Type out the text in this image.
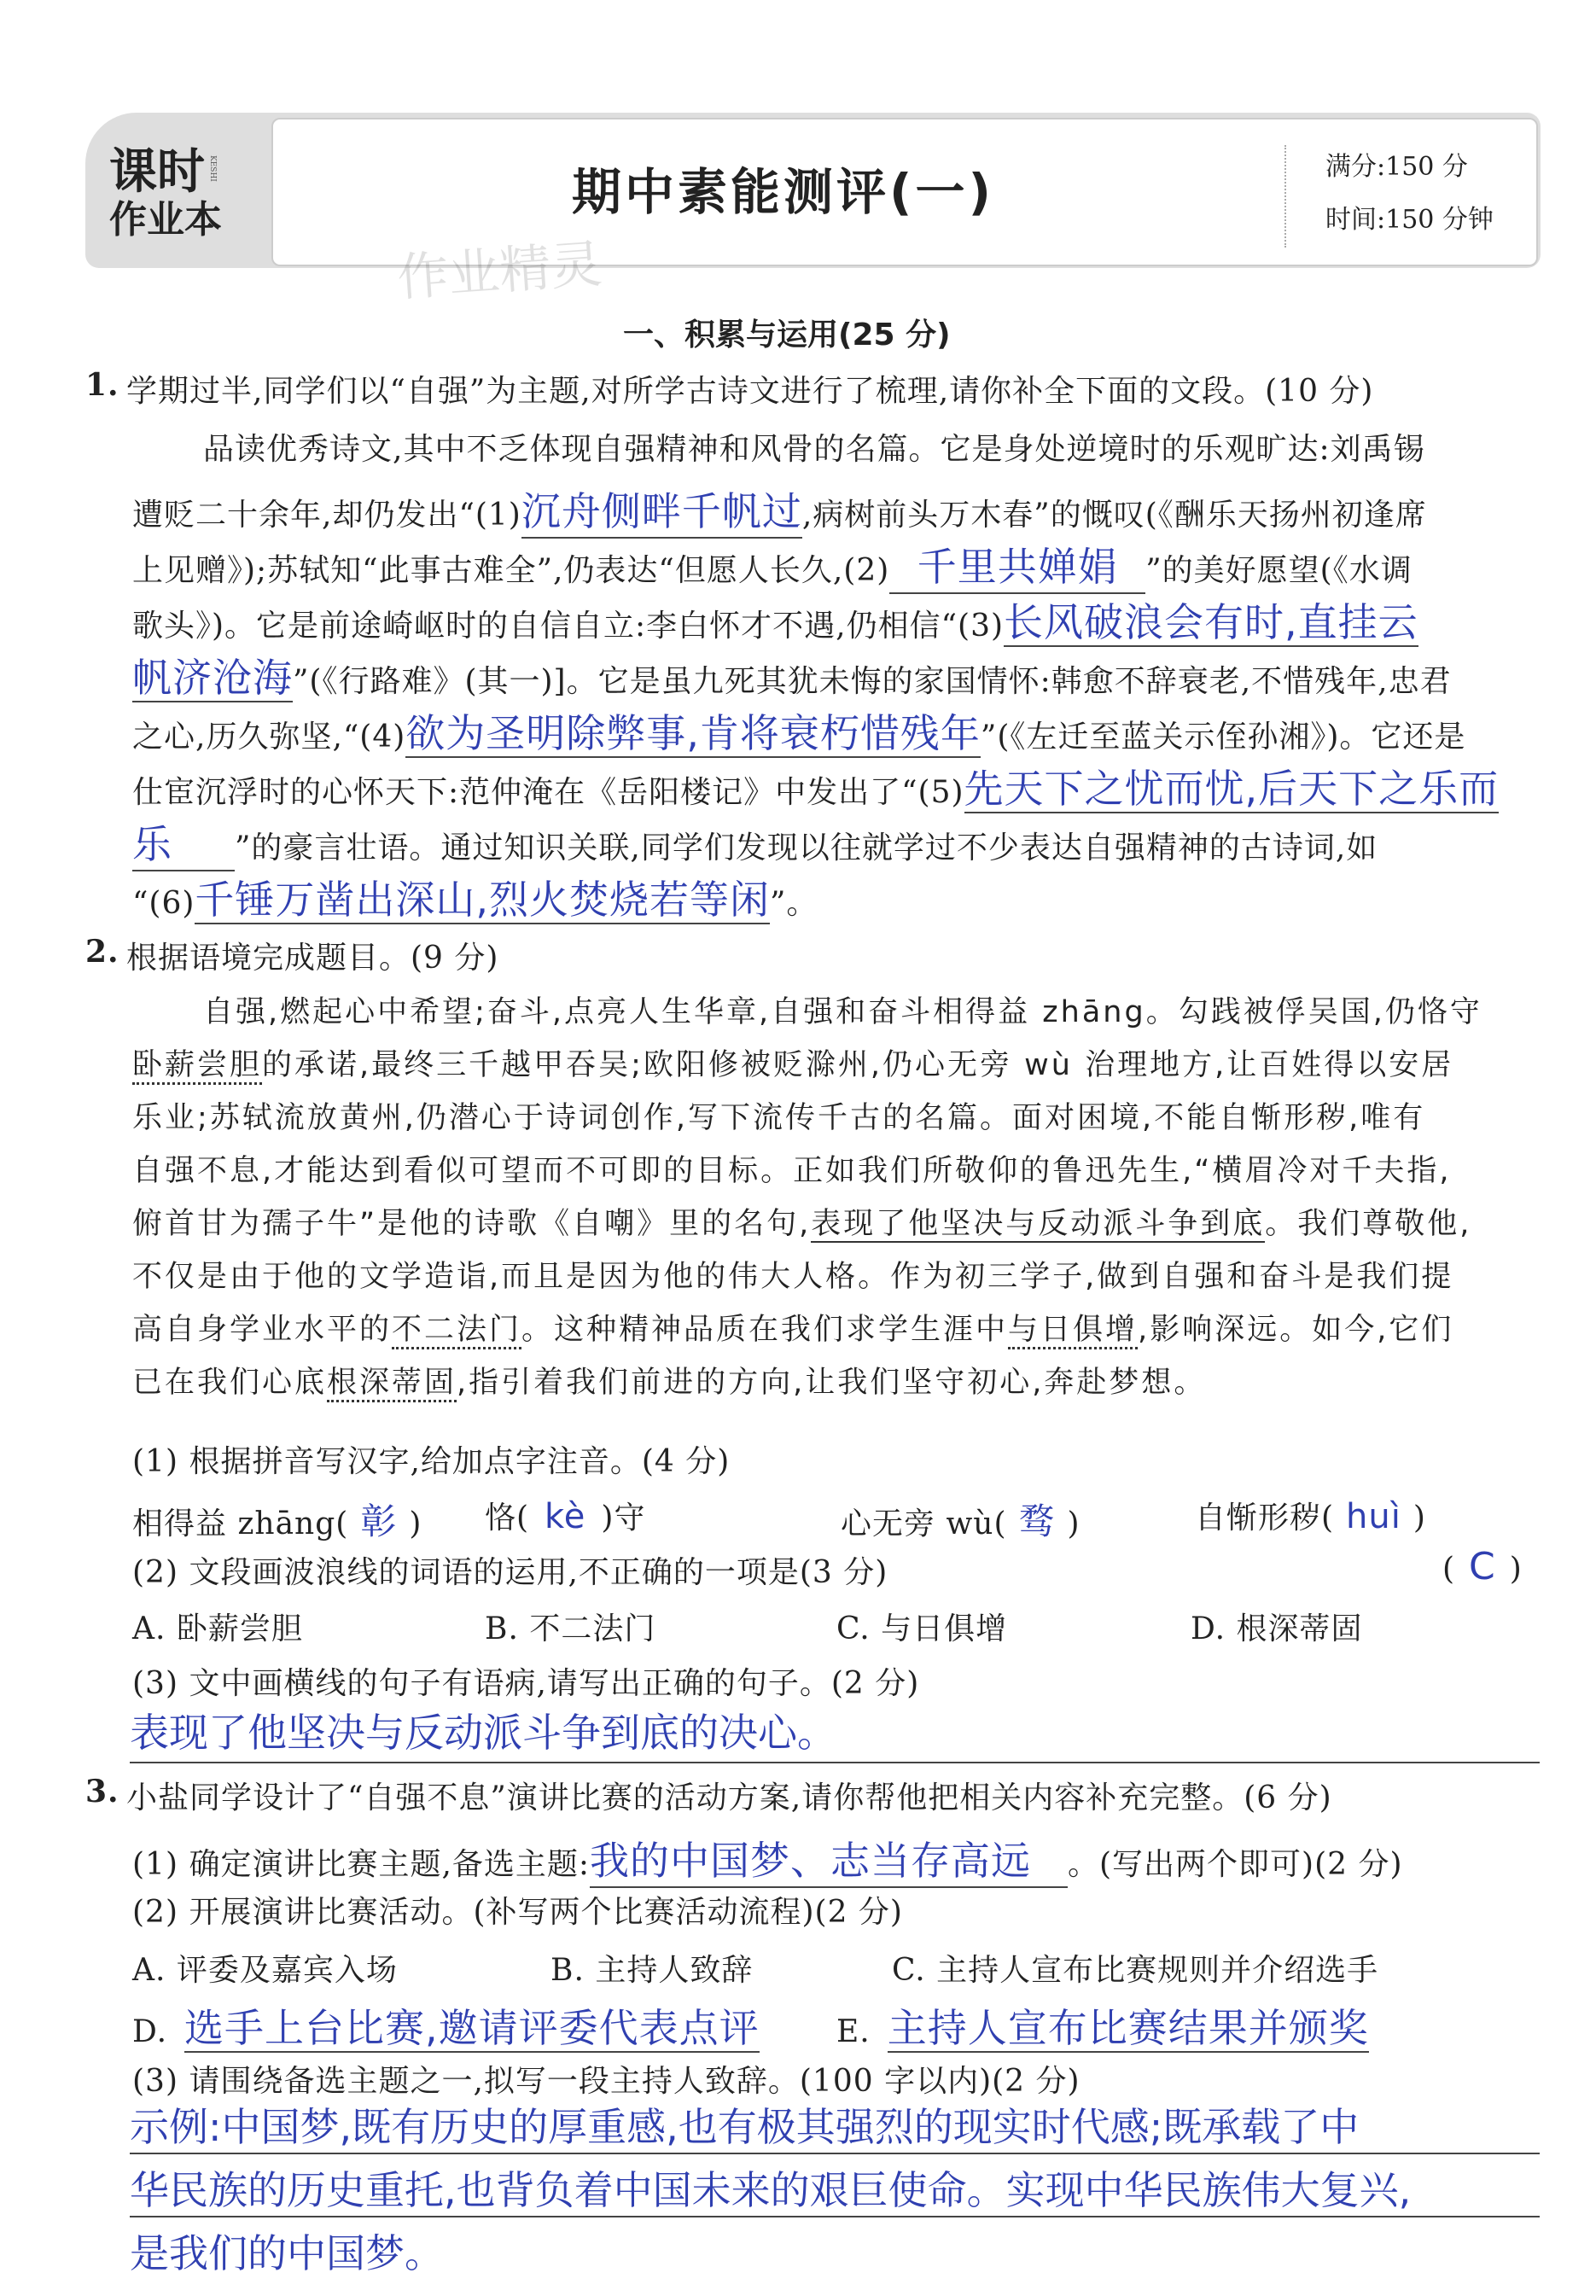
课时 KESHI
作业本	期中素能测评(一)	满分:150 分
时间:150 分钟
作业精灵
一、积累与运用(25 分)
1. 学期过半,同学们以“自强”为主题,对所学古诗文进行了梳理,请你补全下面的文段。(10 分)
品读优秀诗文,其中不乏体现自强精神和风骨的名篇。它是身处逆境时的乐观旷达:刘禹锡
遭贬二十余年,却仍发出“(1)沉舟侧畔千帆过,病树前头万木春”的慨叹(《酬乐天扬州初逢席
上见赠》);苏轼知“此事古难全”,仍表达“但愿人长久,(2) 千里共婵娟 ”的美好愿望(《水调
歌头》)。它是前途崎岖时的自信自立:李白怀才不遇,仍相信“(3)长风破浪会有时,直挂云
帆济沧海”(《行路难》(其一)]。它是虽九死其犹未悔的家国情怀:韩愈不辞衰老,不惜残年,忠君
之心,历久弥坚,“(4)欲为圣明除弊事,肯将衰朽惜残年”(《左迁至蓝关示侄孙湘》)。它还是
仕宦沉浮时的心怀天下:范仲淹在《岳阳楼记》中发出了“(5)先天下之忧而忧,后天下之乐而
乐 ”的豪言壮语。通过知识关联,同学们发现以往就学过不少表达自强精神的古诗词,如
“(6)千锤万凿出深山,烈火焚烧若等闲”。
2. 根据语境完成题目。(9 分)
自强,燃起心中希望;奋斗,点亮人生华章,自强和奋斗相得益 zhāng。勾践被俘吴国,仍恪守
卧薪尝胆的承诺,最终三千越甲吞吴;欧阳修被贬滁州,仍心无旁 wù 治理地方,让百姓得以安居
乐业;苏轼流放黄州,仍潜心于诗词创作,写下流传千古的名篇。面对困境,不能自惭形秽,唯有
自强不息,才能达到看似可望而不可即的目标。正如我们所敬仰的鲁迅先生,“横眉冷对千夫指,
俯首甘为孺子牛”是他的诗歌《自嘲》里的名句,表现了他坚决与反动派斗争到底。我们尊敬他,
不仅是由于他的文学造诣,而且是因为他的伟大人格。作为初三学子,做到自强和奋斗是我们提
高自身学业水平的不二法门。这种精神品质在我们求学生涯中与日俱增,影响深远。如今,它们
已在我们心底根深蒂固,指引着我们前进的方向,让我们坚守初心,奔赴梦想。
(1) 根据拼音写汉字,给加点字注音。(4 分)
相得益 zhāng( 彰 ) 恪( kè )守	心无旁 wù( 骛 )	自惭形秽( huì )
(2) 文段画波浪线的词语的运用,不正确的一项是(3 分)	( C )
A. 卧薪尝胆	B. 不二法门	C. 与日俱增	D. 根深蒂固
(3) 文中画横线的句子有语病,请写出正确的句子。(2 分)
表现了他坚决与反动派斗争到底的决心。
3. 小盐同学设计了“自强不息”演讲比赛的活动方案,请你帮他把相关内容补充完整。(6 分)
(1) 确定演讲比赛主题,备选主题:我的中国梦、志当存高远 。(写出两个即可)(2 分)
(2) 开展演讲比赛活动。(补写两个比赛活动流程)(2 分)
A. 评委及嘉宾入场	B. 主持人致辞	C. 主持人宣布比赛规则并介绍选手
D. 选手上台比赛,邀请评委代表点评	E. 主持人宣布比赛结果并颁奖
(3) 请围绕备选主题之一,拟写一段主持人致辞。(100 字以内)(2 分)
示例:中国梦,既有历史的厚重感,也有极其强烈的现实时代感;既承载了中
华民族的历史重托,也背负着中国未来的艰巨使命。实现中华民族伟大复兴,
是我们的中国梦。
